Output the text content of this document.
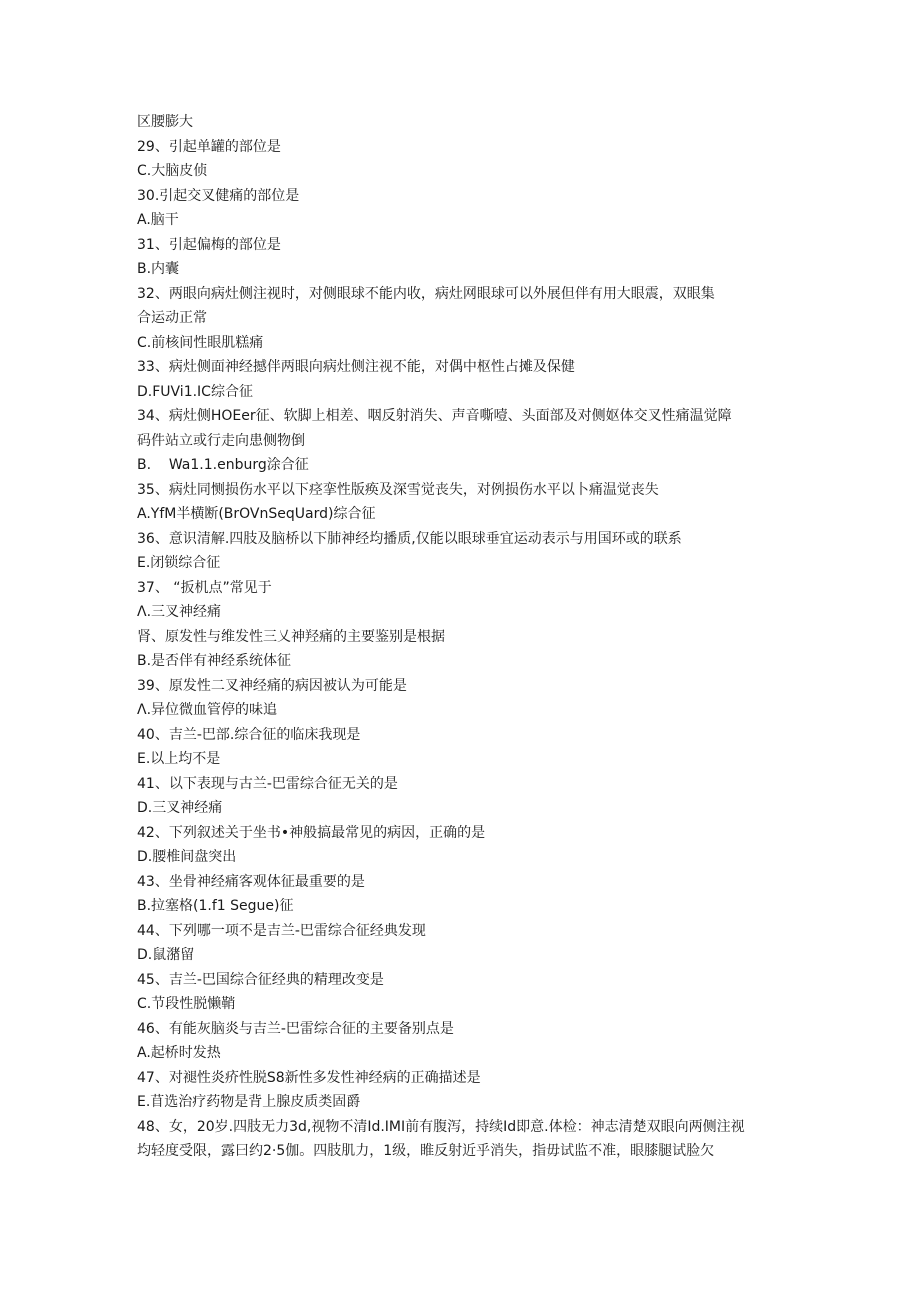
区腰膨大
29、引起单罐的部位是
C.大脑皮侦
30.引起交叉健痛的部位是
A.脑干
31、引起偏梅的部位是
B.内囊
32、两眼向病灶侧注视时，对侧眼球不能内收，病灶网眼球可以外展但伴有用大眼震，双眼集
合运动正常
C.前核间性眼肌糕痛
33、病灶侧面神经撼伴两眼向病灶侧注视不能，对偶中枢性占摊及保健
D.FUVi1.IC综合征
34、病灶侧HOEer征、软脚上相差、咽反射消失、声音嘶噎、头面部及对侧妪体交叉性痛温觉障
码件站立或行走向患侧物倒
B.    Wa1.1.enburg涂合征
35、病灶同恻损伤水平以下痉挛性版痪及深雪觉丧失，对例损伤水平以卜痛温觉丧失
A.YfM半横断(BrOVnSeqUard)综合征
36、意识清解.四肢及脑桥以下肺神经均播质,仅能以眼球垂宜运动表示与用国环或的联系
E.闭锁综合征
37、 “扳机点”常见于
Λ.三叉神经痛
肾、原发性与维发性三乂神羟痛的主要鉴别是根据
B.是否伴有神经系统体征
39、原发性二叉神经痛的病因被认为可能是
Λ.异位微血管停的味追
40、吉兰-巴部.综合征的临床我现是
E.以上均不是
41、以下表现与古兰-巴雷综合征无关的是
D.三叉神经痛
42、下列叙述关于坐书•神般搞最常见的病因，正确的是
D.腰椎间盘突出
43、坐骨神经痛客观体征最重要的是
B.拉塞格(1.f1 Segue)征
44、下列哪一项不是吉兰-巴雷综合征经典发现
D.鼠潴留
45、吉兰-巴国综合征经典的精理改变是
C.节段性脱懒鞘
46、有能灰脑炎与吉兰-巴雷综合征的主要备别点是
A.起桥时发热
47、对褪性炎疥性脱S8新性多发性神经病的正确描述是
E.苜选治疗药物是背上腺皮质类固爵
48、女，20岁.四肢无力3d,视物不清Id.IMI前有腹泻，持续Id即意.体检：神志清楚双眼向两侧注视
均轻度受限，露曰约2·5伽。四肢肌力，1级，睢反射近乎消失，指毋试监不准，眼膝腿试脸欠
